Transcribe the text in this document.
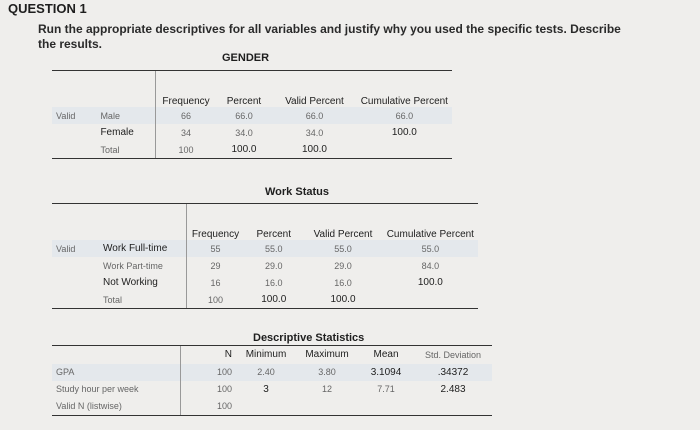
QUESTION 1
Run the appropriate descriptives for all variables and justify why you used the specific tests. Describe the results.
GENDER
		Frequency	Percent	Valid Percent	Cumulative Percent
Valid	Male	66	66.0	66.0	66.0
	Female	34	34.0	34.0	100.0
	Total	100	100.0	100.0	
Work Status
		Frequency	Percent	Valid Percent	Cumulative Percent
Valid	Work Full-time	55	55.0	55.0	55.0
	Work Part-time	29	29.0	29.0	84.0
	Not Working	16	16.0	16.0	100.0
	Total	100	100.0	100.0	
Descriptive Statistics
	N	Minimum	Maximum	Mean	Std. Deviation
GPA	100	2.40	3.80	3.1094	.34372
Study hour per week	100	3	12	7.71	2.483
Valid N (listwise)	100				
